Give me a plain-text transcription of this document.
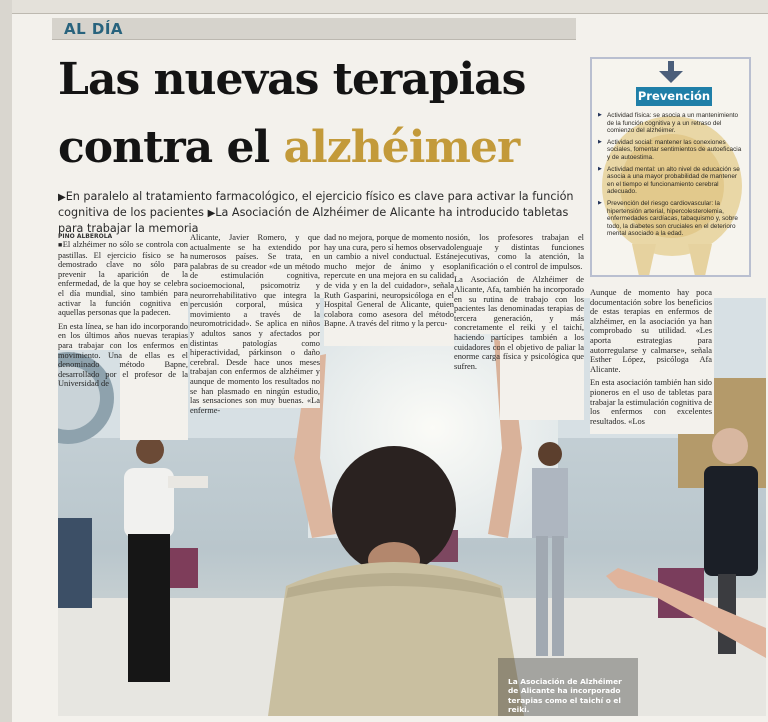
AL DÍA
Las nuevas terapias
contra el alzhéimer
▶En paralelo al tratamiento farmacológico, el ejercicio físico es clave para activar la función cognitiva de los pacientes ▶La Asociación de Alzhéimer de Alicante ha introducido tabletas para trabajar la memoria
Prevención
▶ Actividad física: se asocia a un mantenimiento de la función cognitiva y a un retraso del comienzo del alzhéimer.
▶ Actividad social: mantener las conexiones sociales, fomentar sentimientos de autoeficacia y de autoestima.
▶ Actividad mental: un alto nivel de educación se asocia a una mayor probabilidad de mantener en el tiempo el funcionamiento cerebral adecuado.
▶ Prevención del riesgo cardiovascular: la hipertensión arterial, hipercolesterolemia, enfermedades cardíacas, tabaquismo y, sobre todo, la diabetes son cruciales en el deterioro mental asociado a la edad.
PINO ALBEROLA

■El alzhéimer no sólo se controla con pastillas. El ejercicio físico se ha demostrado clave no sólo para prevenir la aparición de la enfermedad, de la que hoy se celebra el día mundial, sino también para activar la función cognitiva en aquellas personas que la padecen.

En esta línea, se han ido incorporando en los últimos años nuevas terapias para trabajar con los enfermos en movimiento. Una de ellas es el denominado método Bapne, desarrollado por el profesor de la Universidad de

Alicante, Javier Romero, y que actualmente se ha extendido por numerosos países. Se trata, en palabras de su creador «de un método de estimulación cognitiva, socioemocional, psicomotriz y neurorrehabilitativo que integra la percusión corporal, música y movimiento a través de la neuromotricidad». Se aplica en niños y adultos sanos y afectados por distintas patologías como hiperactividad, párkinson o daño cerebral. Desde hace unos meses trabajan con enfermos de alzhéimer y aunque de momento los resultados no se han plasmado en ningún estudio, las sensaciones son muy buenas. «La enferme-
dad no mejora, porque de momento no hay una cura, pero sí hemos observado un cambio a nivel conductual. Están mucho mejor de ánimo y eso repercute en una mejora en su calidad de vida y en la del cuidador», señala Ruth Gasparini, neuropsicóloga en el Hospital General de Alicante, quien colabora como asesora del método Bapne. A través del ritmo y la percu-

sión, los profesores trabajan el lenguaje y distintas funciones ejecutivas, como la atención, la planificación o el control de impulsos.

La Asociación de Alzhéimer de Alicante, Afa, también ha incorporado en su rutina de trabajo con los pacientes las denominadas terapias de tercera generación, y más concretamente el reiki y el taichí, haciendo partícipes también a los cuidadores con el objetivo de paliar la enorme carga física y psicológica que sufren.

Aunque de momento hay poca documentación sobre los beneficios de estas terapias en enfermos de alzhéimer, en la asociación ya han comprobado su utilidad. «Les aporta estrategias para autorregularse y calmarse», señala Esther López, psicóloga Afa Alicante.

En esta asociación también han sido pioneros en el uso de tabletas para trabajar la estimulación cognitiva de los enfermos con excelentes resultados. «Los

La Asociación de Alzhéimer de Alicante ha incorporado terapias como el taichí o el reiki.
